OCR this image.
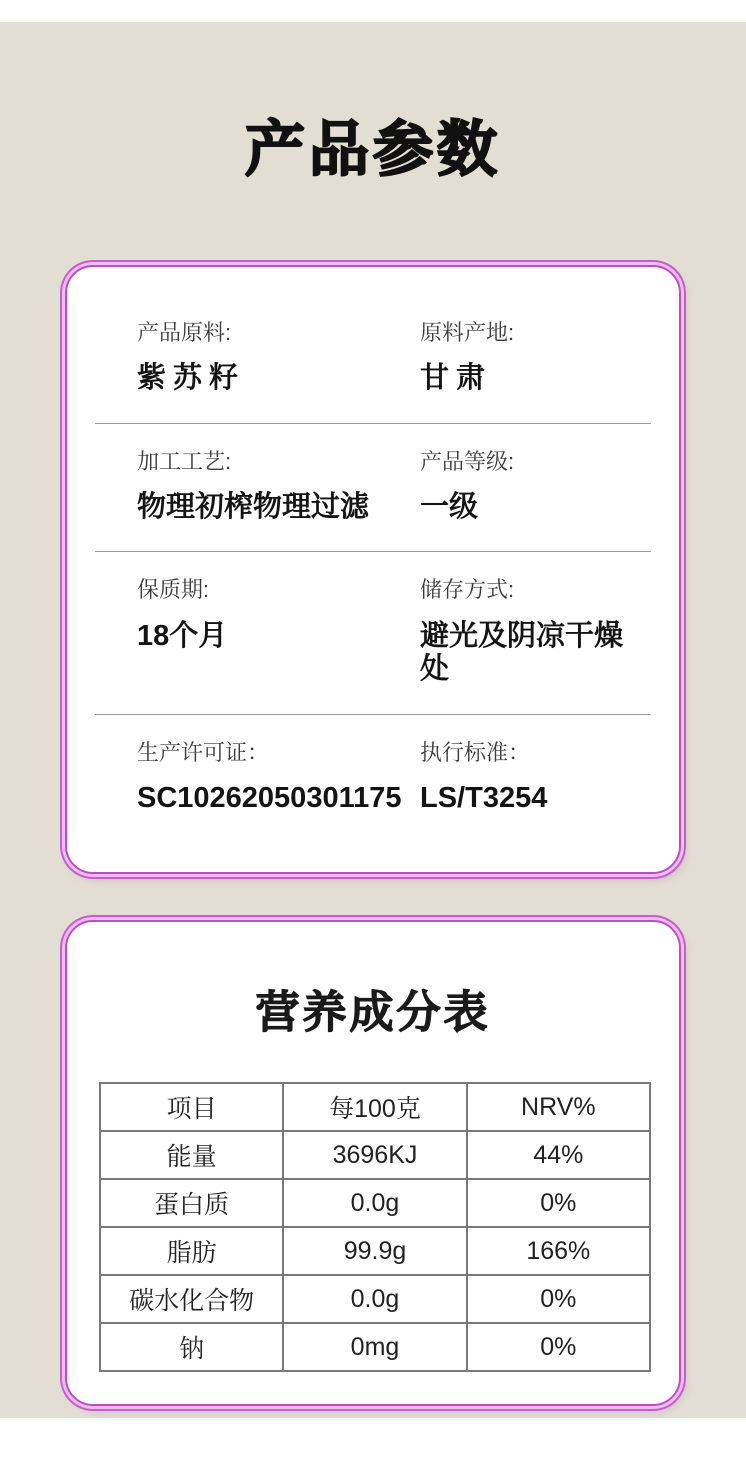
产品参数
产品原料:
紫苏籽
原料产地:
甘肃
加工工艺:
物理初榨物理过滤
产品等级:
一级
保质期:
18个月
储存方式:
避光及阴凉干燥处
生产许可证：
SC10262050301175
执行标准：
LS/T3254
营养成分表
项目	每100克	NRV%
能量	3696KJ	44%
蛋白质	0.0g	0%
脂肪	99.9g	166%
碳水化合物	0.0g	0%
钠	0mg	0%
